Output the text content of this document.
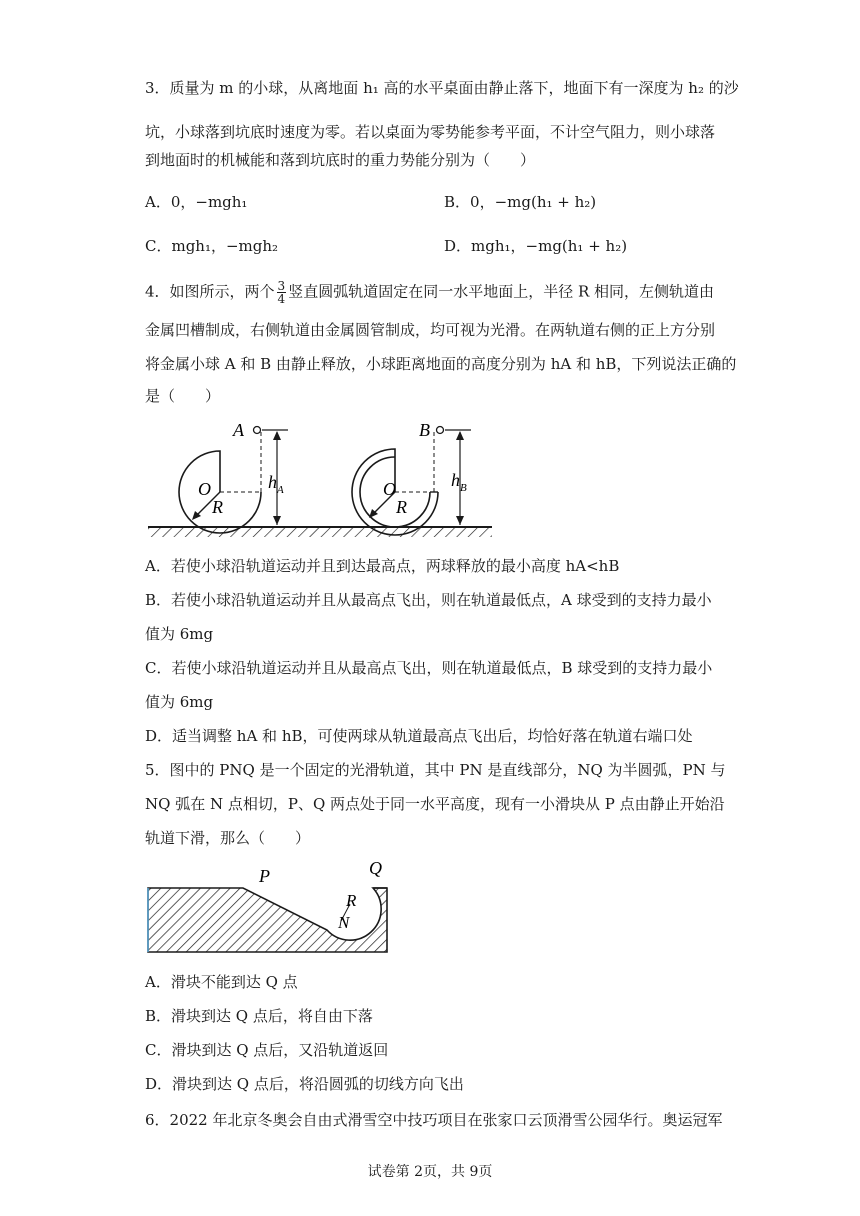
3．质量为 m 的小球，从离地面 h₁ 高的水平桌面由静止落下，地面下有一深度为 h₂ 的沙
坑，小球落到坑底时速度为零。若以桌面为零势能参考平面，不计空气阻力，则小球落
到地面时的机械能和落到坑底时的重力势能分别为（　　）
A．0，−mgh₁	B．0，−mg(h₁ + h₂)
C．mgh₁，−mgh₂	D．mgh₁，−mg(h₁ + h₂)
4．如图所示，两个 $\frac{3}{4}$ 竖直圆弧轨道固定在同一水平地面上，半径 R 相同，左侧轨道由
金属凹槽制成，右侧轨道由金属圆管制成，均可视为光滑。在两轨道右侧的正上方分别
将金属小球 A 和 B 由静止释放，小球距离地面的高度分别为 hA 和 hB，下列说法正确的
是（　　）
A
O
R
$h_A$
B
O
R
$h_B$
A．若使小球沿轨道运动并且到达最高点，两球释放的最小高度 hA<hB
B．若使小球沿轨道运动并且从最高点飞出，则在轨道最低点，A 球受到的支持力最小
值为 6mg
C．若使小球沿轨道运动并且从最高点飞出，则在轨道最低点，B 球受到的支持力最小
值为 6mg
D．适当调整 hA 和 hB，可使两球从轨道最高点飞出后，均恰好落在轨道右端口处
5．图中的 PNQ 是一个固定的光滑轨道，其中 PN 是直线部分，NQ 为半圆弧，PN 与
NQ 弧在 N 点相切，P、Q 两点处于同一水平高度，现有一小滑块从 P 点由静止开始沿
轨道下滑，那么（　　）
P	Q
R
N
A．滑块不能到达 Q 点
B．滑块到达 Q 点后，将自由下落
C．滑块到达 Q 点后，又沿轨道返回
D．滑块到达 Q 点后，将沿圆弧的切线方向飞出
6．2022 年北京冬奥会自由式滑雪空中技巧项目在张家口云顶滑雪公园华行。奥运冠军
试卷第 2页，共 9页
